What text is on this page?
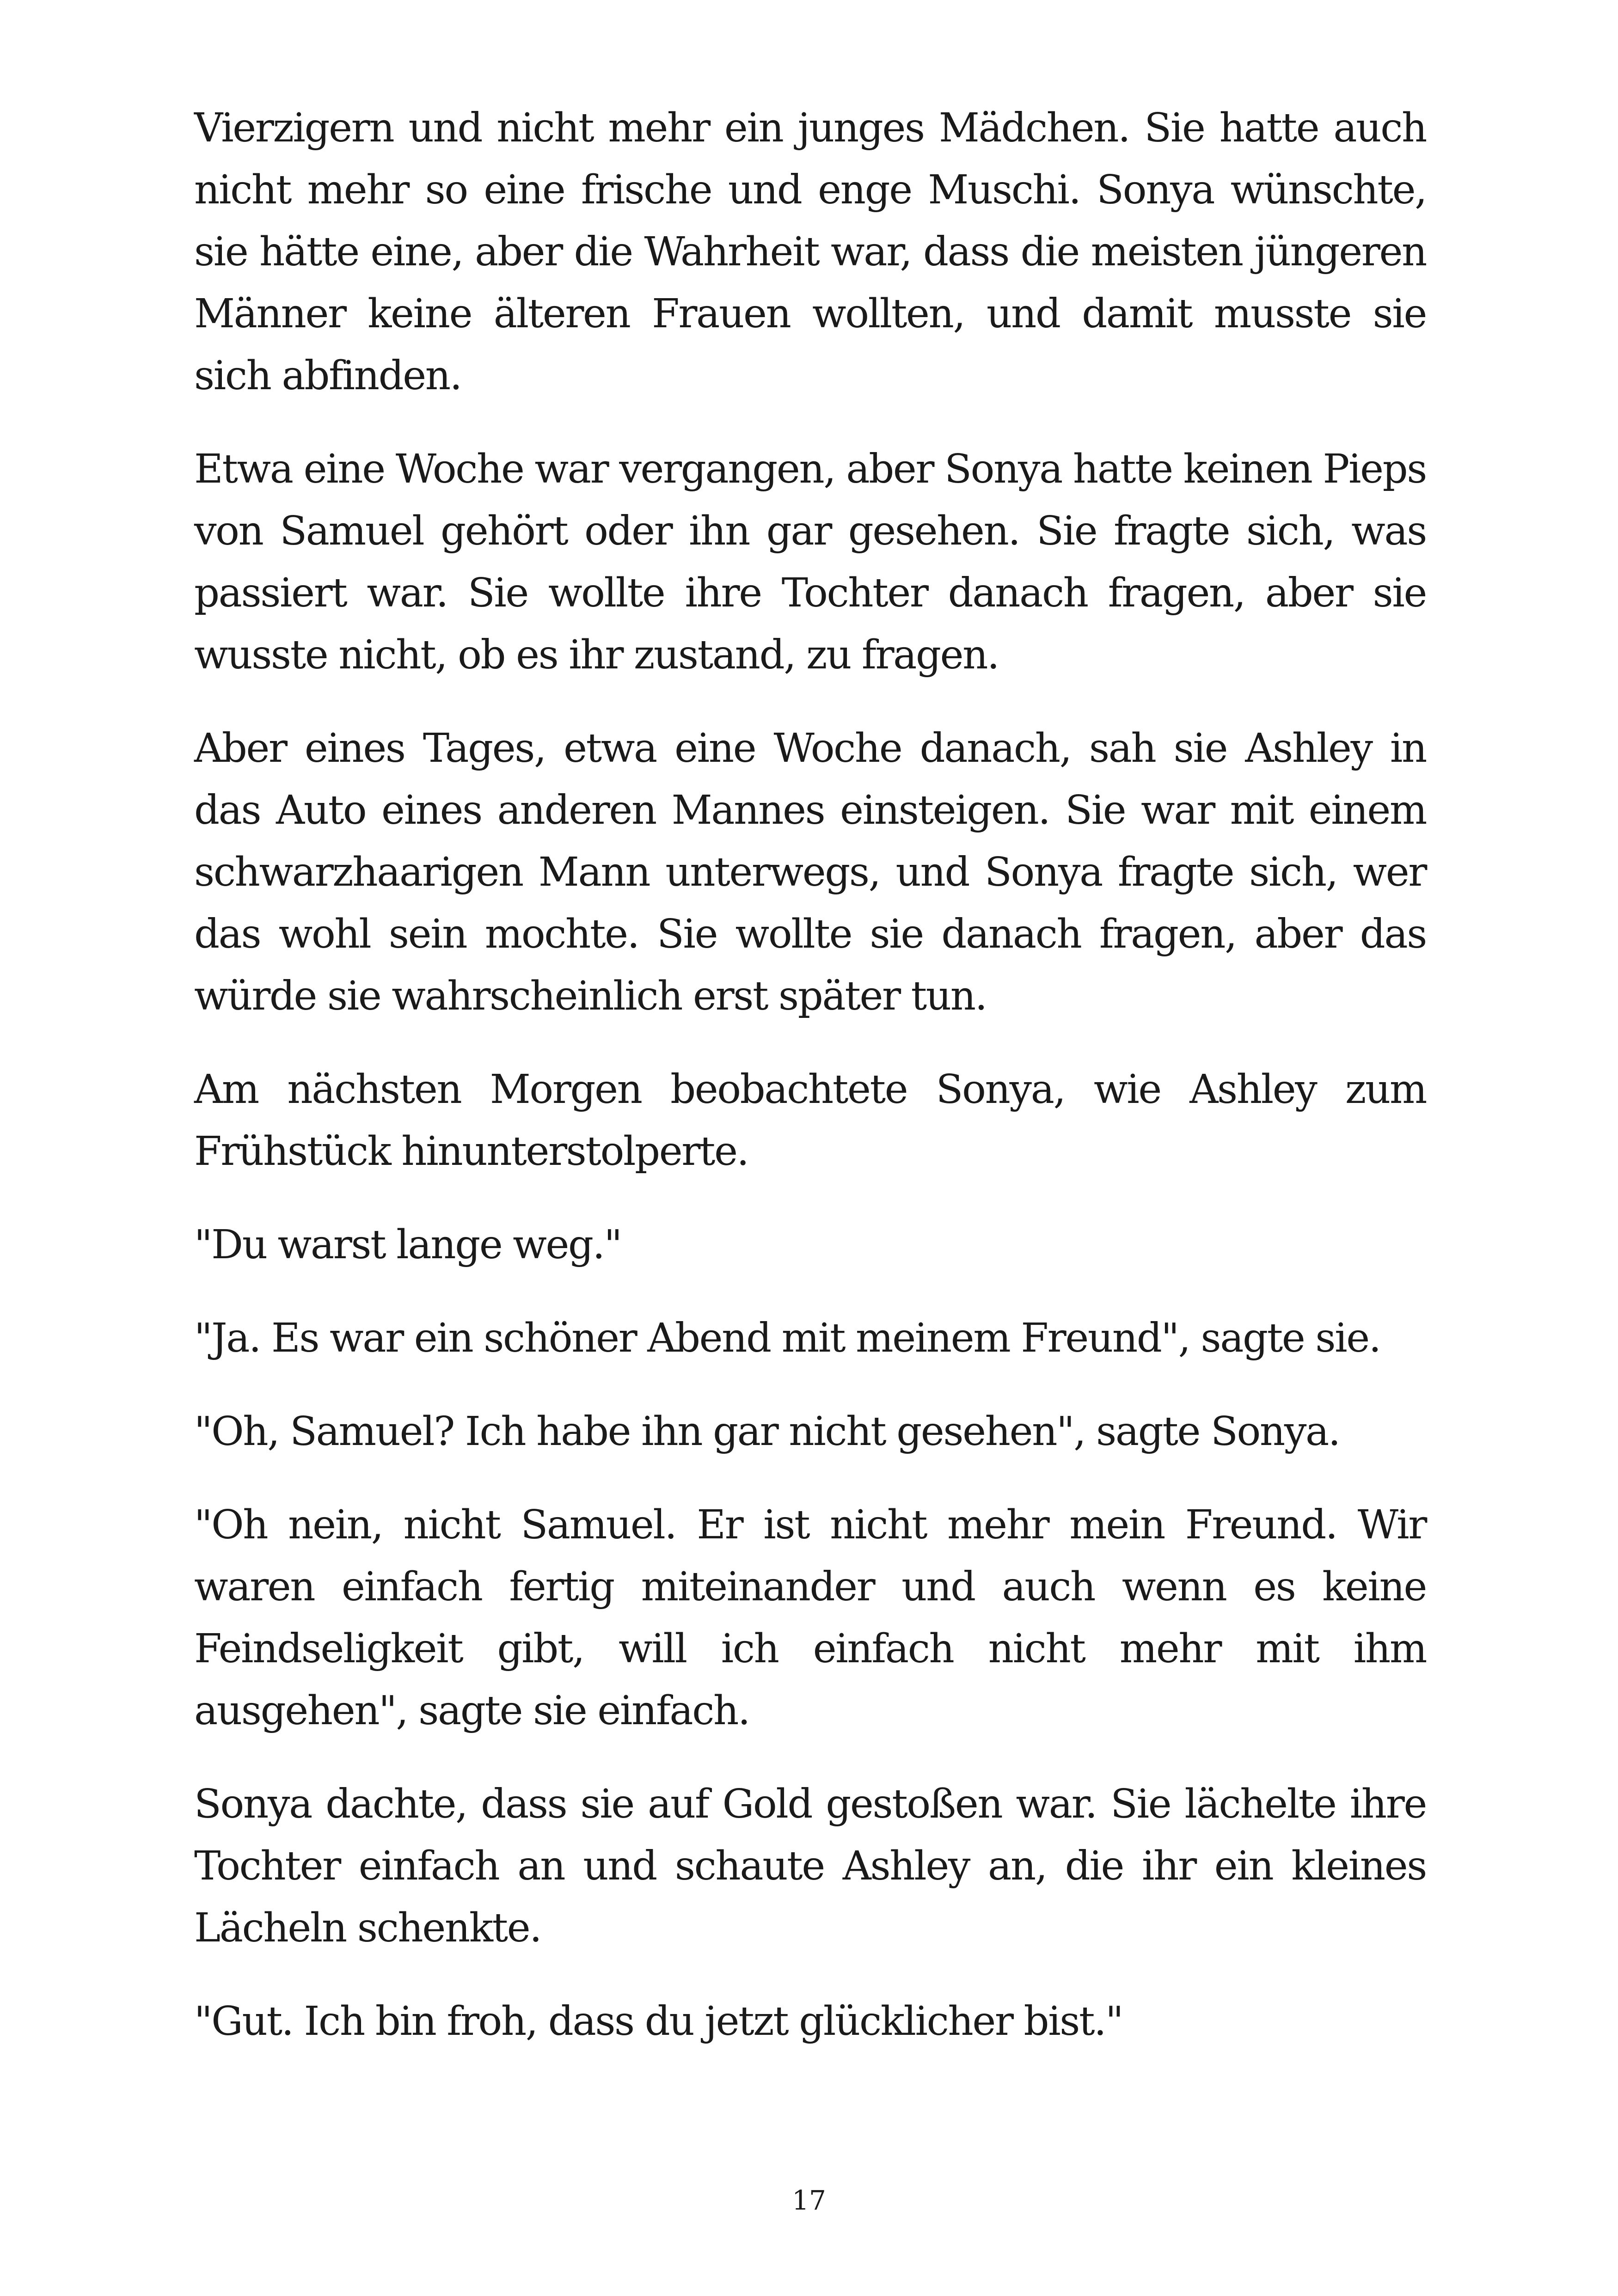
Vierzigern und nicht mehr ein junges Mädchen. Sie hatte auch nicht mehr so eine frische und enge Muschi. Sonya wünschte, sie hätte eine, aber die Wahrheit war, dass die meisten jüngeren Männer keine älteren Frauen wollten, und damit musste sie sich abfinden.

Etwa eine Woche war vergangen, aber Sonya hatte keinen Pieps von Samuel gehört oder ihn gar gesehen. Sie fragte sich, was passiert war. Sie wollte ihre Tochter danach fragen, aber sie wusste nicht, ob es ihr zustand, zu fragen.

Aber eines Tages, etwa eine Woche danach, sah sie Ashley in das Auto eines anderen Mannes einsteigen. Sie war mit einem schwarzhaarigen Mann unterwegs, und Sonya fragte sich, wer das wohl sein mochte. Sie wollte sie danach fragen, aber das würde sie wahrscheinlich erst später tun.

Am nächsten Morgen beobachtete Sonya, wie Ashley zum Frühstück hinunterstolperte.

"Du warst lange weg."

"Ja. Es war ein schöner Abend mit meinem Freund", sagte sie.

"Oh, Samuel? Ich habe ihn gar nicht gesehen", sagte Sonya.

"Oh nein, nicht Samuel. Er ist nicht mehr mein Freund. Wir waren einfach fertig miteinander und auch wenn es keine Feindseligkeit gibt, will ich einfach nicht mehr mit ihm ausgehen", sagte sie einfach.

Sonya dachte, dass sie auf Gold gestoßen war. Sie lächelte ihre Tochter einfach an und schaute Ashley an, die ihr ein kleines Lächeln schenkte.

"Gut. Ich bin froh, dass du jetzt glücklicher bist."

17
